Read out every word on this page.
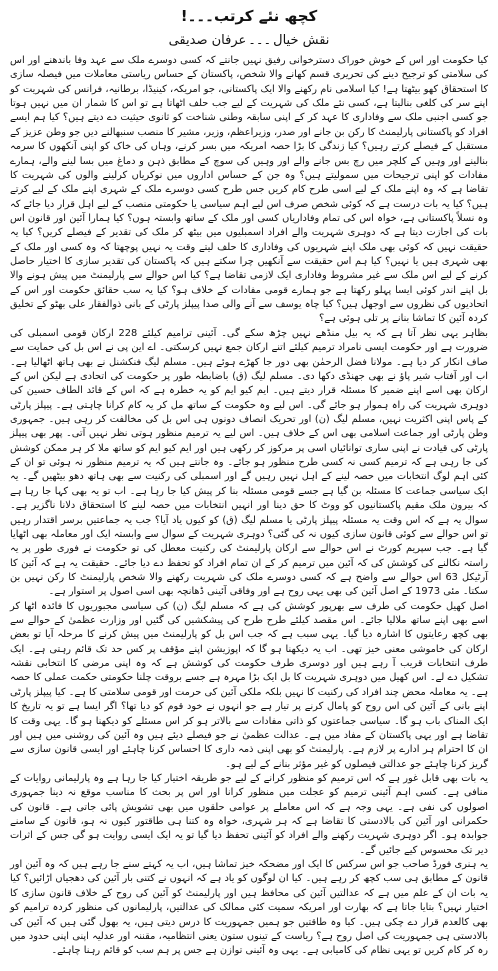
کچھ نئے کرتب۔۔۔!
نقش خیال۔۔۔عرفان صدیقی

کیا حکومت اور اس کے خوش خوراک دسترخوانی رفیق نہیں جانتے کہ کسی دوسرے ملک سے عہد وفا باندھنے اور اس کی سلامتی کو ترجیح دینے کی تحریری قسم کھانے والا شخص، پاکستان کے حساس ریاستی معاملات میں فیصلہ سازی کا استحقاق کھو بیٹھتا ہے! کیا اسلامی نام رکھنے والا ایک پاکستانی، جو امریکہ، کینیڈا، برطانیہ، فرانس کی شہریت کو اپنے سر کی کلغی بنالیتا ہے، کسی نئے ملک کی شہریت کے لیے جب حلف اٹھاتا ہے تو اس کا شمار ان میں نہیں ہوتا جو کسی اجنبی ملک سے وفاداری کا عہد کر کے اپنی سابقہ وطنی شناخت کو ثانوی حیثیت دے دیتے ہیں؟ کیا ہم ایسے افراد کو پاکستانی پارلیمنٹ کا رکن بن جانے اور صدر، وزیراعظم، وزیر، مشیر کا منصب سنبھالنے دیں جو وطن عزیز کے مستقبل کے فیصلے کرتے رہیں؟ کیا زندگی کا بڑا حصہ امریکہ میں بسر کرنے، وہاں کی خاک کو اپنی آنکھوں کا سرمہ بنالینے اور وہیں کے کلچر میں رچ بس جانے والے اور وہیں کی سوچ کے مطابق ذہن و دماغ میں بسا لینے والے، ہمارے مفادات کو اپنی ترجیحات میں سمولیتے ہیں؟ وہ جن کے حساس اداروں میں نوکریاں کرلینے والوں کی شہریت کا تقاضا ہے کہ وہ اپنے ملک کے لیے اسی طرح کام کریں جس طرح کسی دوسرے ملک کے شہری اپنے ملک کے لیے کرتے ہیں؟ کیا یہ بات درست ہے کہ کوئی شخص صرف اس لیے اہم سیاسی یا حکومتی منصب کے لیے اہل قرار دیا جائے کہ وہ نسلاً پاکستانی ہے، خواہ اس کی تمام وفاداریاں کسی اور ملک کے ساتھ وابستہ ہوں؟ کیا ہمارا آئین اور قانون اس بات کی اجازت دیتا ہے کہ دوہری شہریت والے افراد اسمبلیوں میں بیٹھ کر ملک کی تقدیر کے فیصلے کریں؟ کیا یہ حقیقت نہیں کہ کوئی بھی ملک اپنے شہریوں کی وفاداری کا حلف لیتے وقت یہ نہیں پوچھتا کہ وہ کسی اور ملک کے بھی شہری ہیں یا نہیں؟ کیا ہم اس حقیقت سے آنکھیں چرا سکتے ہیں کہ پاکستان کی تقدیر سازی کا اختیار حاصل کرنے کے لیے اس ملک سے غیر مشروط وفاداری ایک لازمی تقاضا ہے؟ کیا اس حوالے سے پارلیمنٹ میں پیش ہونے والا بل اپنے اندر کوئی ایسا پہلو رکھتا ہے جو ہمارے قومی مفادات کے خلاف ہو؟ کیا یہ سب حقائق حکومت اور اس کے اتحادیوں کی نظروں سے اوجھل ہیں؟ کیا چاہ یوسف سے آنے والی صدا پیپلز پارٹی کے بانی ذوالفقار علی بھٹو کے تخلیق کردہ آئین کا تماشا بنانے پر تلی ہوئی ہے؟

بظاہر یہی نظر آتا ہے کہ یہ بیل منڈھے نہیں چڑھ سکے گی۔ آئینی ترامیم کیلئے 228 ارکان قومی اسمبلی کی ضرورت ہے اور حکومت ایسی نامراد ترمیم کیلئے اتنے ارکان جمع نہیں کرسکتی۔ اے این پی نے اس بل کی حمایت سے صاف انکار کر دیا ہے۔ مولانا فضل الرحمٰن بھی دور جا کھڑے ہوئے ہیں۔ مسلم لیگ فنکشنل نے بھی ہاتھ اٹھالیا ہے۔ اب اور آفتاب شیر پاؤ نے بھی جھنڈی دکھا دی۔ مسلم لیگ (ق) باضابطہ طور پر حکومت کی اتحادی ہے لیکن اس کے ارکان بھی اسے اپنے ضمیر کا مسئلہ قرار دیتے ہیں۔ ایم کیو ایم کو یہ خطرہ ہے کہ اس کے قائد الطاف حسین کی دوہری شہریت کی راہ ہموار ہو جائے گی۔ اس لیے وہ حکومت کے ساتھ مل کر یہ کام کرانا چاہتی ہے۔ پیپلز پارٹی کے پاس اپنی اکثریت نہیں، مسلم لیگ (ن) اور تحریک انصاف دونوں ہی اس بل کی مخالفت کر رہی ہیں۔ جمہوری وطن پارٹی اور جماعت اسلامی بھی اس کے خلاف ہیں۔ اس لیے یہ ترمیم منظور ہوتی نظر نہیں آتی۔ پھر بھی پیپلز پارٹی کی قیادت نے اپنی ساری توانائیاں اسی پر مرکوز کر رکھی ہیں اور ایم کیو ایم کو ساتھ ملا کر ہر ممکن کوشش کی جا رہی ہے کہ ترمیم کسی نہ کسی طرح منظور ہو جائے۔ وہ جانتے ہیں کہ یہ ترمیم منظور نہ ہوئی تو ان کے کئی اہم لوگ انتخابات میں حصہ لینے کے اہل نہیں رہیں گے اور اسمبلی کی رکنیت سے بھی ہاتھ دھو بیٹھیں گے۔ یہ ایک سیاسی جماعت کا مسئلہ بن گیا ہے جسے قومی مسئلہ بنا کر پیش کیا جا رہا ہے۔ اب تو یہ بھی کہا جا رہا ہے کہ بیرون ملک مقیم پاکستانیوں کو ووٹ کا حق دینا اور انہیں انتخابات میں حصہ لینے کا استحقاق دلانا ناگزیر ہے۔ سوال یہ ہے کہ اس وقت یہ مسئلہ پیپلز پارٹی یا مسلم لیگ (ق) کو کیوں یاد آیا؟ جب یہ جماعتیں برسر اقتدار رہیں تو اس حوالے سے کوئی قانون سازی کیوں نہ کی گئی؟ دوہری شہریت کے سوال سے وابستہ ایک اور معاملہ بھی اٹھایا گیا ہے۔ جب سپریم کورٹ نے اس حوالے سے ارکان پارلیمنٹ کی رکنیت معطل کی تو حکومت نے فوری طور پر یہ راستہ نکالنے کی کوشش کی کہ آئین میں ترمیم کر کے ان تمام افراد کو تحفظ دے دیا جائے۔ حقیقت یہ ہے کہ آئین کا آرٹیکل 63 اس حوالے سے واضح ہے کہ کسی دوسرے ملک کی شہریت رکھنے والا شخص پارلیمنٹ کا رکن نہیں بن سکتا۔ مئی 1973 کے اصل آئین کی بھی یہی روح ہے اور وفاقی آئینی ڈھانچہ بھی اسی اصول پر استوار ہے۔

اصل کھیل حکومت کی طرف سے بھرپور کوشش کی ہے کہ مسلم لیگ (ن) کی سیاسی مجبوریوں کا فائدہ اٹھا کر اسے بھی اپنے ساتھ ملالیا جائے۔ اس مقصد کیلئے طرح طرح کی پیشکشیں کی گئیں اور وزارت عظمیٰ کے حوالے سے بھی کچھ رعایتوں کا اشارہ دیا گیا۔ یہی سبب ہے کہ جب اس بل کو پارلیمنٹ میں پیش کرنے کا مرحلہ آیا تو بعض ارکان کی خاموشی معنی خیز تھی۔ اب یہ دیکھنا ہو گا کہ اپوزیشن اپنے مؤقف پر کس حد تک قائم رہتی ہے۔ ایک طرف انتخابات قریب آ رہے ہیں اور دوسری طرف حکومت کی کوشش ہے کہ وہ اپنی مرضی کا انتخابی نقشہ تشکیل دے لے۔ اس کھیل میں دوہری شہریت کا بل ایک بڑا مہرہ ہے جسے بروقت چلنا حکومتی حکمت عملی کا حصہ ہے۔ یہ معاملہ محض چند افراد کی رکنیت کا نہیں بلکہ ملکی آئین کی حرمت اور قومی سلامتی کا ہے۔ کیا پیپلز پارٹی اپنے بانی کے آئین کی اس روح کو پامال کرنے پر تیار ہے جو انہوں نے خود قوم کو دیا تھا؟ اگر ایسا ہے تو یہ تاریخ کا ایک المناک باب ہو گا۔ سیاسی جماعتوں کو ذاتی مفادات سے بالاتر ہو کر اس مسئلے کو دیکھنا ہو گا۔ یہی وقت کا تقاضا ہے اور یہی پاکستان کے مفاد میں ہے۔ عدالت عظمیٰ نے جو فیصلے دیئے ہیں وہ آئین کی روشنی میں ہیں اور ان کا احترام ہر ادارے پر لازم ہے۔ پارلیمنٹ کو بھی اپنی ذمہ داری کا احساس کرنا چاہئے اور ایسی قانون سازی سے گریز کرنا چاہئے جو عدالتی فیصلوں کو غیر مؤثر بنانے کے لیے ہو۔

یہ بات بھی قابل غور ہے کہ اس ترمیم کو منظور کرانے کے لیے جو طریقہ اختیار کیا جا رہا ہے وہ پارلیمانی روایات کے منافی ہے۔ کسی اہم آئینی ترمیم کو عجلت میں منظور کرانا اور اس پر بحث کا مناسب موقع نہ دینا جمہوری اصولوں کی نفی ہے۔ یہی وجہ ہے کہ اس معاملے پر عوامی حلقوں میں بھی تشویش پائی جاتی ہے۔ قانون کی حکمرانی اور آئین کی بالادستی کا تقاضا ہے کہ ہر شہری، خواہ وہ کتنا ہی طاقتور کیوں نہ ہو، قانون کے سامنے جوابدہ ہو۔ اگر دوہری شہریت رکھنے والے افراد کو آئینی تحفظ دیا گیا تو یہ ایک ایسی روایت ہو گی جس کے اثرات دیر تک محسوس کیے جائیں گے۔

یہ ہنری فورڈ صاحب جو اس سرکس کا ایک اور مضحکہ خیز تماشا ہیں، اب یہ کہتے سنے جا رہے ہیں کہ وہ آئین اور قانون کے مطابق ہی سب کچھ کر رہے ہیں۔ کیا ان لوگوں کو یاد ہے کہ انہوں نے کتنی بار آئین کی دھجیاں اڑائیں؟ کیا یہ بات ان کے علم میں ہے کہ عدالتیں آئین کی محافظ ہیں اور پارلیمنٹ کو آئین کی روح کے خلاف قانون سازی کا اختیار نہیں؟ بتایا جاتا ہے کہ بھارت اور امریکہ سمیت کئی ممالک کی عدالتیں، پارلیمانوں کی منظور کردہ ترامیم کو بھی کالعدم قرار دے چکی ہیں۔ کیا وہ طاقتیں جو ہمیں جمہوریت کا درس دیتی ہیں، یہ بھول گئی ہیں کہ آئین کی بالادستی ہی جمہوریت کی اصل روح ہے؟ ریاست کے تینوں ستون یعنی انتظامیہ، مقننہ اور عدلیہ اپنی اپنی حدود میں رہ کر کام کریں تو یہی نظام کی کامیابی ہے۔ یہی وہ آئینی توازن ہے جس پر ہم سب کو قائم رہنا چاہئے۔
